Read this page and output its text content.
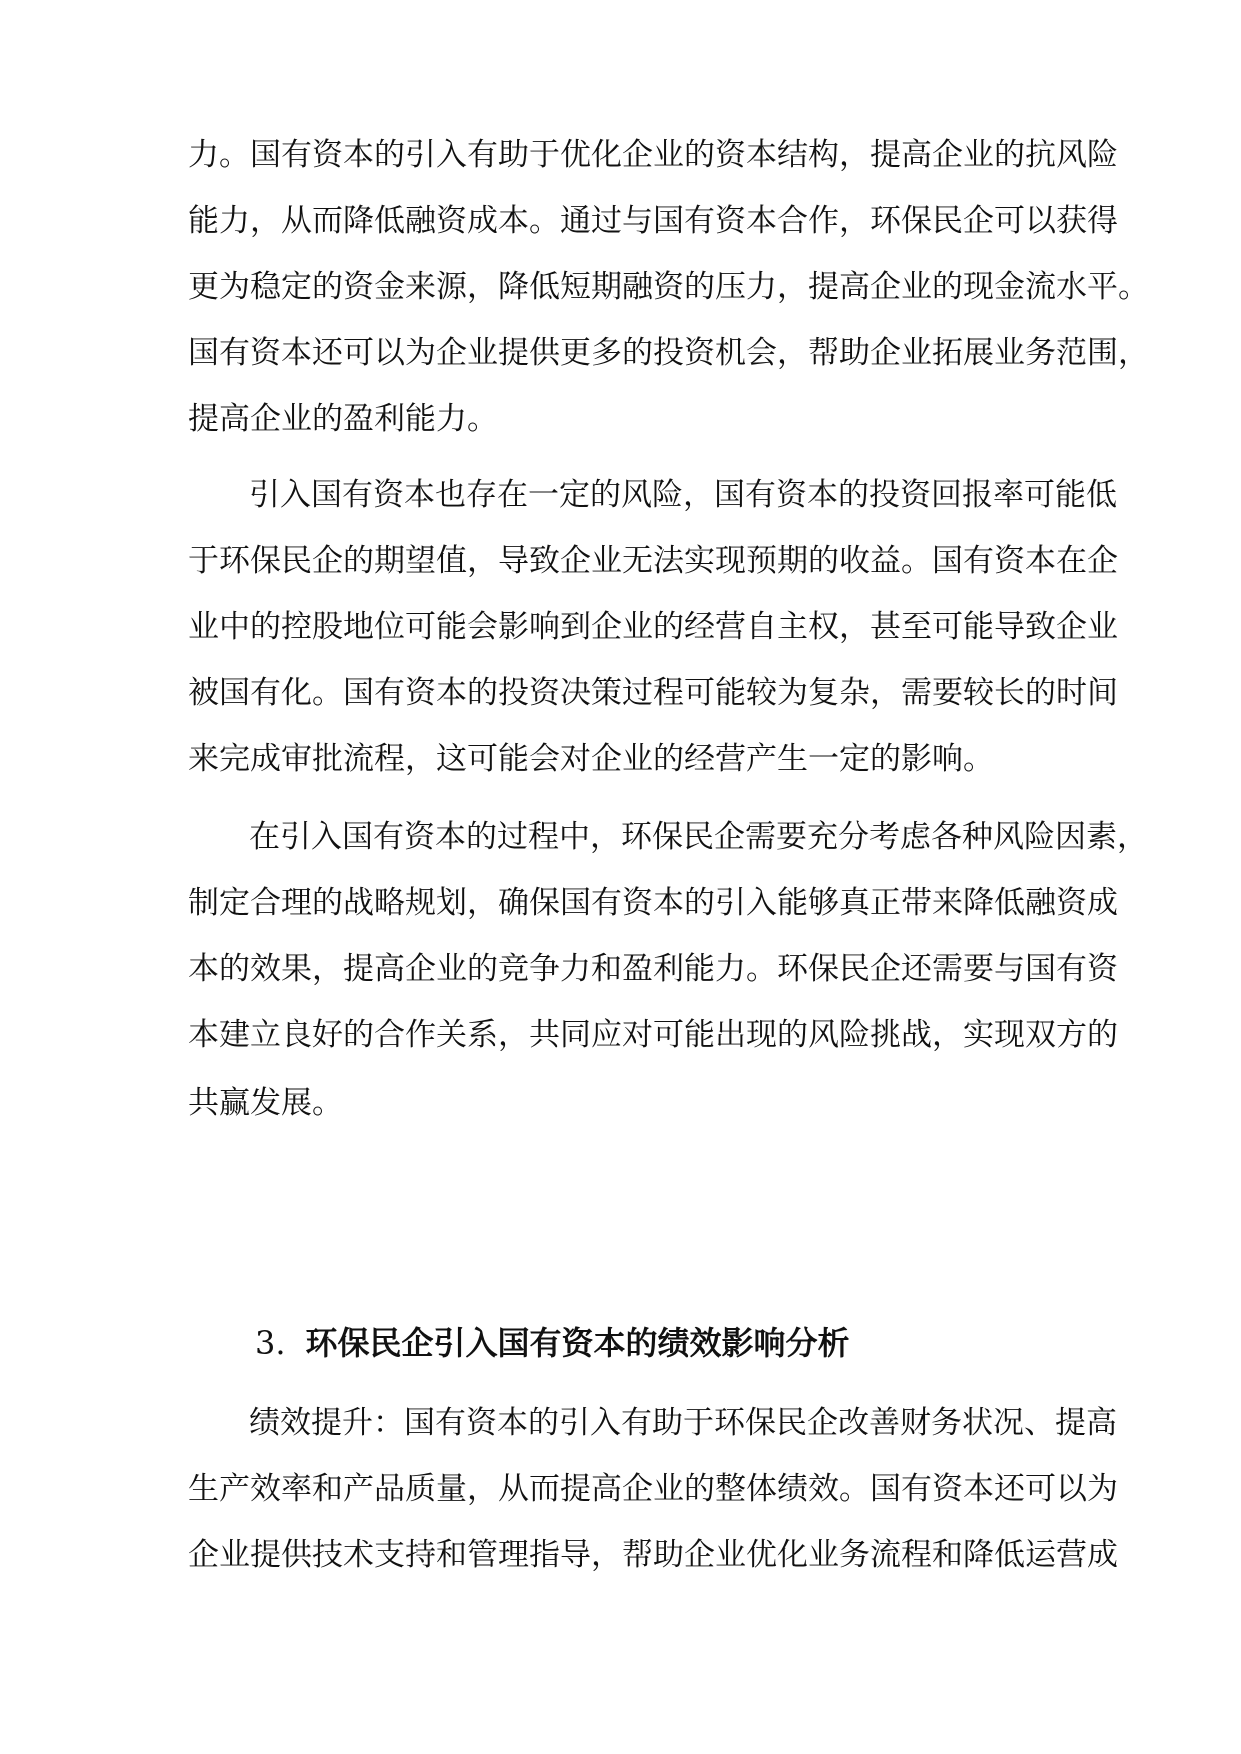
力。国有资本的引入有助于优化企业的资本结构，提高企业的抗风险
能力，从而降低融资成本。通过与国有资本合作，环保民企可以获得
更为稳定的资金来源，降低短期融资的压力，提高企业的现金流水平。
国有资本还可以为企业提供更多的投资机会，帮助企业拓展业务范围，
提高企业的盈利能力。
引入国有资本也存在一定的风险，国有资本的投资回报率可能低
于环保民企的期望值，导致企业无法实现预期的收益。国有资本在企
业中的控股地位可能会影响到企业的经营自主权，甚至可能导致企业
被国有化。国有资本的投资决策过程可能较为复杂，需要较长的时间
来完成审批流程，这可能会对企业的经营产生一定的影响。
在引入国有资本的过程中，环保民企需要充分考虑各种风险因素，
制定合理的战略规划，确保国有资本的引入能够真正带来降低融资成
本的效果，提高企业的竞争力和盈利能力。环保民企还需要与国有资
本建立良好的合作关系，共同应对可能出现的风险挑战，实现双方的
共赢发展。
3. 环保民企引入国有资本的绩效影响分析
绩效提升：国有资本的引入有助于环保民企改善财务状况、提高
生产效率和产品质量，从而提高企业的整体绩效。国有资本还可以为
企业提供技术支持和管理指导，帮助企业优化业务流程和降低运营成
